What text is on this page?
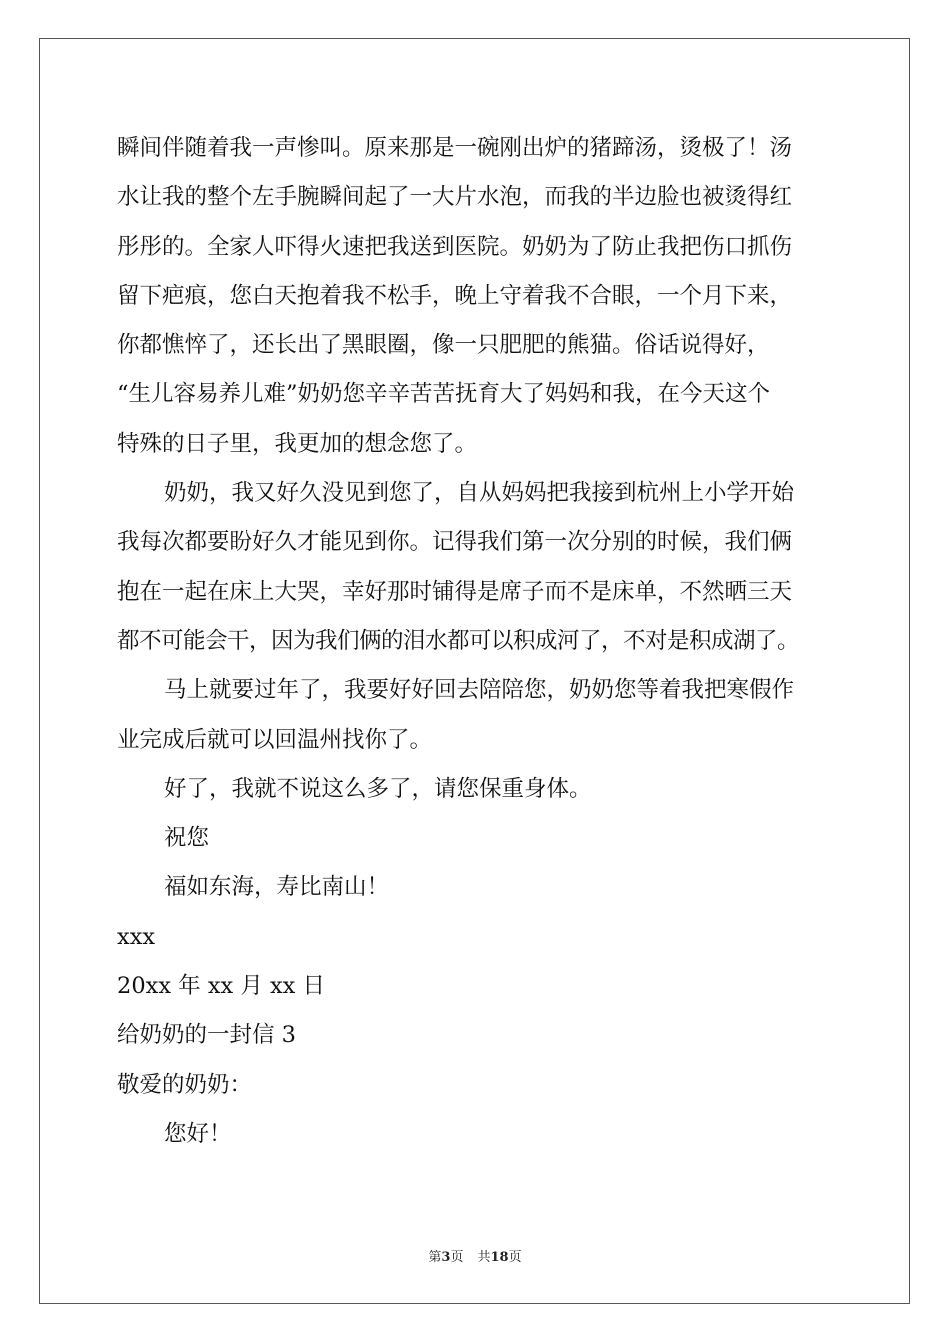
瞬间伴随着我一声惨叫。原来那是一碗刚出炉的猪蹄汤，烫极了！汤
水让我的整个左手腕瞬间起了一大片水泡，而我的半边脸也被烫得红
彤彤的。全家人吓得火速把我送到医院。奶奶为了防止我把伤口抓伤
留下疤痕，您白天抱着我不松手，晚上守着我不合眼，一个月下来，
你都憔悴了，还长出了黑眼圈，像一只肥肥的熊猫。俗话说得好，
“生儿容易养儿难”奶奶您辛辛苦苦抚育大了妈妈和我，在今天这个
特殊的日子里，我更加的想念您了。
奶奶，我又好久没见到您了，自从妈妈把我接到杭州上小学开始
我每次都要盼好久才能见到你。记得我们第一次分别的时候，我们俩
抱在一起在床上大哭，幸好那时铺得是席子而不是床单，不然晒三天
都不可能会干，因为我们俩的泪水都可以积成河了，不对是积成湖了。
马上就要过年了，我要好好回去陪陪您，奶奶您等着我把寒假作
业完成后就可以回温州找你了。
好了，我就不说这么多了，请您保重身体。
祝您
福如东海，寿比南山！
xxx
20xx 年 xx 月 xx 日
给奶奶的一封信 3
敬爱的奶奶：
您好！
第3页 共18页
